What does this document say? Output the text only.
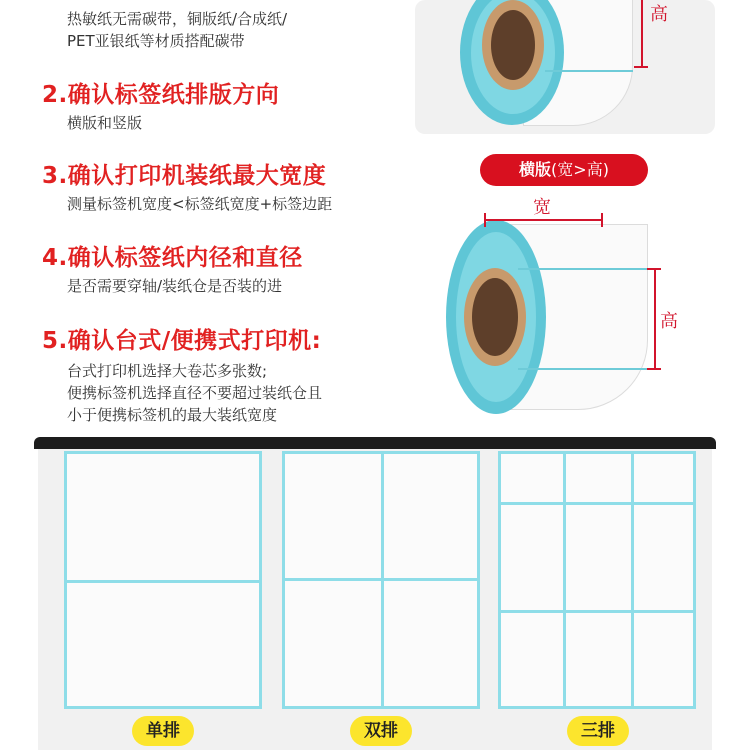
热敏纸无需碳带，铜版纸/合成纸/
PET亚银纸等材质搭配碳带
2.确认标签纸排版方向
横版和竖版
3.确认打印机装纸最大宽度
测量标签机宽度<标签纸宽度+标签边距
4.确认标签纸内径和直径
是否需要穿轴/装纸仓是否装的进
5.确认台式/便携式打印机:
台式打印机选择大卷芯多张数;
便携标签机选择直径不要超过装纸仓且
小于便携标签机的最大装纸宽度
高
横版(宽>高)
宽
高
单排	双排	三排
